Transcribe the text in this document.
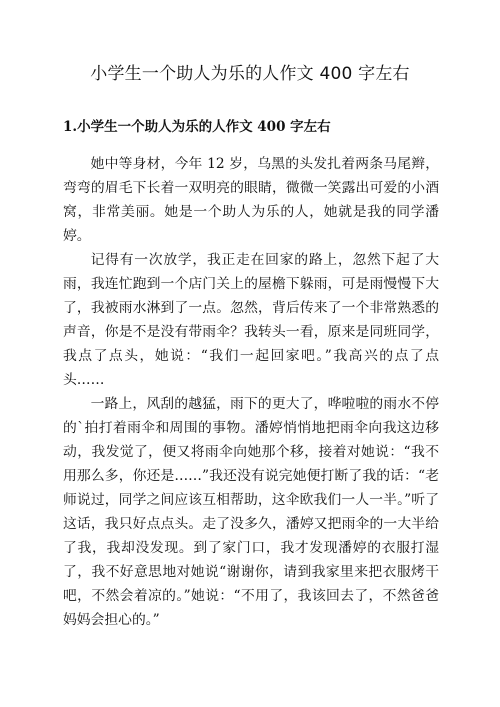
小学生一个助人为乐的人作文 400 字左右
1.小学生一个助人为乐的人作文 400 字左右

她中等身材，今年 12 岁，乌黑的头发扎着两条马尾辫，弯弯的眉毛下长着一双明亮的眼睛，微微一笑露出可爱的小酒窝，非常美丽。她是一个助人为乐的人，她就是我的同学潘婷。

记得有一次放学，我正走在回家的路上，忽然下起了大雨，我连忙跑到一个店门关上的屋檐下躲雨，可是雨慢慢下大了，我被雨水淋到了一点。忽然，背后传来了一个非常熟悉的声音，你是不是没有带雨伞？我转头一看，原来是同班同学，我点了点头，她说：“我们一起回家吧。”我高兴的点了点头……

一路上，风刮的越猛，雨下的更大了，哗啦啦的雨水不停的`拍打着雨伞和周围的事物。潘婷悄悄地把雨伞向我这边移动，我发觉了，便又将雨伞向她那个移，接着对她说：“我不用那么多，你还是……”我还没有说完她便打断了我的话：“老师说过，同学之间应该互相帮助，这伞欧我们一人一半。”听了这话，我只好点点头。走了没多久，潘婷又把雨伞的一大半给了我，我却没发现。到了家门口，我才发现潘婷的衣服打湿了，我不好意思地对她说“谢谢你，请到我家里来把衣服烤干吧，不然会着凉的。”她说：“不用了，我该回去了，不然爸爸妈妈会担心的。”
